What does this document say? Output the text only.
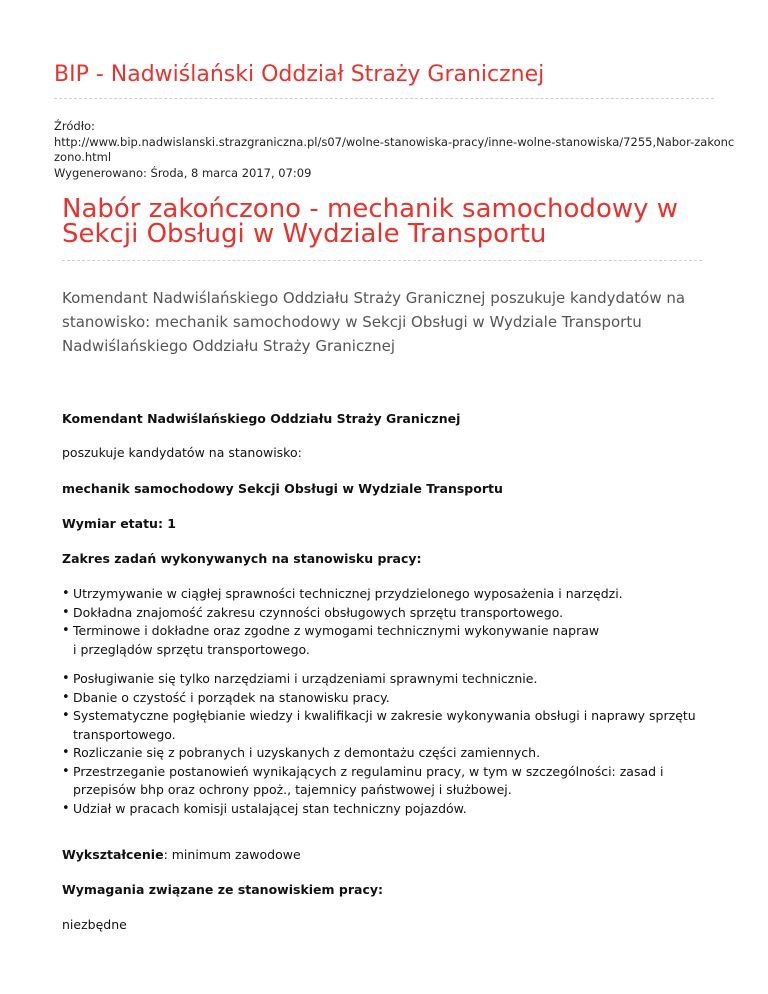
BIP - Nadwiślański Oddział Straży Granicznej
Źródło:
http://www.bip.nadwislanski.strazgraniczna.pl/s07/wolne-stanowiska-pracy/inne-wolne-stanowiska/7255,Nabor-zakonc
zono.html
Wygenerowano: Środa, 8 marca 2017, 07:09
Nabór zakończono - mechanik samochodowy w
Sekcji Obsługi w Wydziale Transportu

Komendant Nadwiślańskiego Oddziału Straży Granicznej poszukuje kandydatów na
stanowisko: mechanik samochodowy w Sekcji Obsługi w Wydziale Transportu
Nadwiślańskiego Oddziału Straży Granicznej

Komendant Nadwiślańskiego Oddziału Straży Granicznej

poszukuje kandydatów na stanowisko:

mechanik samochodowy Sekcji Obsługi w Wydziale Transportu

Wymiar etatu: 1

Zakres zadań wykonywanych na stanowisku pracy:

• Utrzymywanie w ciągłej sprawności technicznej przydzielonego wyposażenia i narzędzi.
• Dokładna znajomość zakresu czynności obsługowych sprzętu transportowego.
• Terminowe i dokładne oraz zgodne z wymogami technicznymi wykonywanie napraw
i przeglądów sprzętu transportowego.
• Posługiwanie się tylko narzędziami i urządzeniami sprawnymi technicznie.
• Dbanie o czystość i porządek na stanowisku pracy.
• Systematyczne pogłębianie wiedzy i kwalifikacji w zakresie wykonywania obsługi i naprawy sprzętu
transportowego.
• Rozliczanie się z pobranych i uzyskanych z demontażu części zamiennych.
• Przestrzeganie postanowień wynikających z regulaminu pracy, w tym w szczególności: zasad i
przepisów bhp oraz ochrony ppoż., tajemnicy państwowej i służbowej.
• Udział w pracach komisji ustalającej stan techniczny pojazdów.

Wykształcenie: minimum zawodowe

Wymagania związane ze stanowiskiem pracy:

niezbędne
